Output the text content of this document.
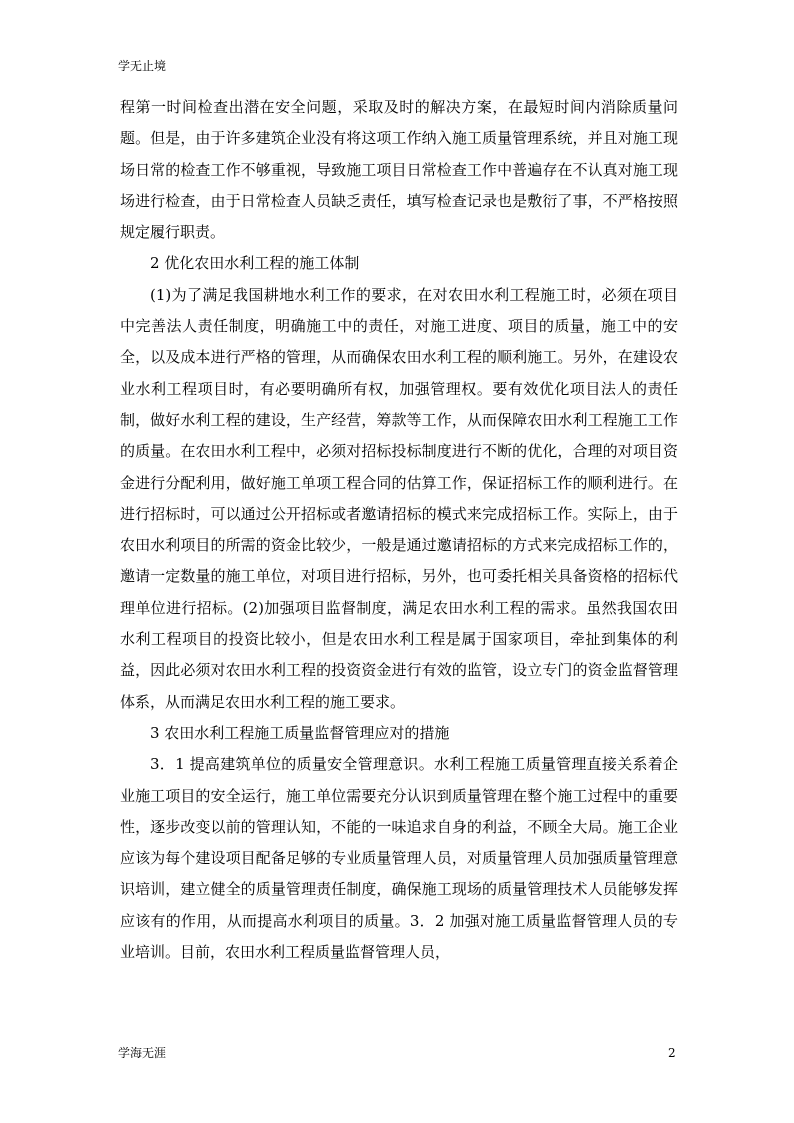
学无止境

程第一时间检查出潜在安全问题，采取及时的解决方案，在最短时间内消除质量问题。但是，由于许多建筑企业没有将这项工作纳入施工质量管理系统，并且对施工现场日常的检查工作不够重视，导致施工项目日常检查工作中普遍存在不认真对施工现场进行检查，由于日常检查人员缺乏责任，填写检查记录也是敷衍了事，不严格按照规定履行职责。

2 优化农田水利工程的施工体制

(1)为了满足我国耕地水利工作的要求，在对农田水利工程施工时，必须在项目中完善法人责任制度，明确施工中的责任，对施工进度、项目的质量，施工中的安全，以及成本进行严格的管理，从而确保农田水利工程的顺利施工。另外，在建设农业水利工程项目时，有必要明确所有权，加强管理权。要有效优化项目法人的责任制，做好水利工程的建设，生产经营，筹款等工作，从而保障农田水利工程施工工作的质量。在农田水利工程中，必须对招标投标制度进行不断的优化，合理的对项目资金进行分配利用，做好施工单项工程合同的估算工作，保证招标工作的顺利进行。在进行招标时，可以通过公开招标或者邀请招标的模式来完成招标工作。实际上，由于农田水利项目的所需的资金比较少，一般是通过邀请招标的方式来完成招标工作的，邀请一定数量的施工单位，对项目进行招标，另外，也可委托相关具备资格的招标代理单位进行招标。(2)加强项目监督制度，满足农田水利工程的需求。虽然我国农田水利工程项目的投资比较小，但是农田水利工程是属于国家项目，牵扯到集体的利益，因此必须对农田水利工程的投资资金进行有效的监管，设立专门的资金监督管理体系，从而满足农田水利工程的施工要求。

3 农田水利工程施工质量监督管理应对的措施

3．1 提高建筑单位的质量安全管理意识。水利工程施工质量管理直接关系着企业施工项目的安全运行，施工单位需要充分认识到质量管理在整个施工过程中的重要性，逐步改变以前的管理认知，不能的一味追求自身的利益，不顾全大局。施工企业应该为每个建设项目配备足够的专业质量管理人员，对质量管理人员加强质量管理意识培训，建立健全的质量管理责任制度，确保施工现场的质量管理技术人员能够发挥应该有的作用，从而提高水利项目的质量。3．2 加强对施工质量监督管理人员的专业培训。目前，农田水利工程质量监督管理人员，

学海无涯	2
